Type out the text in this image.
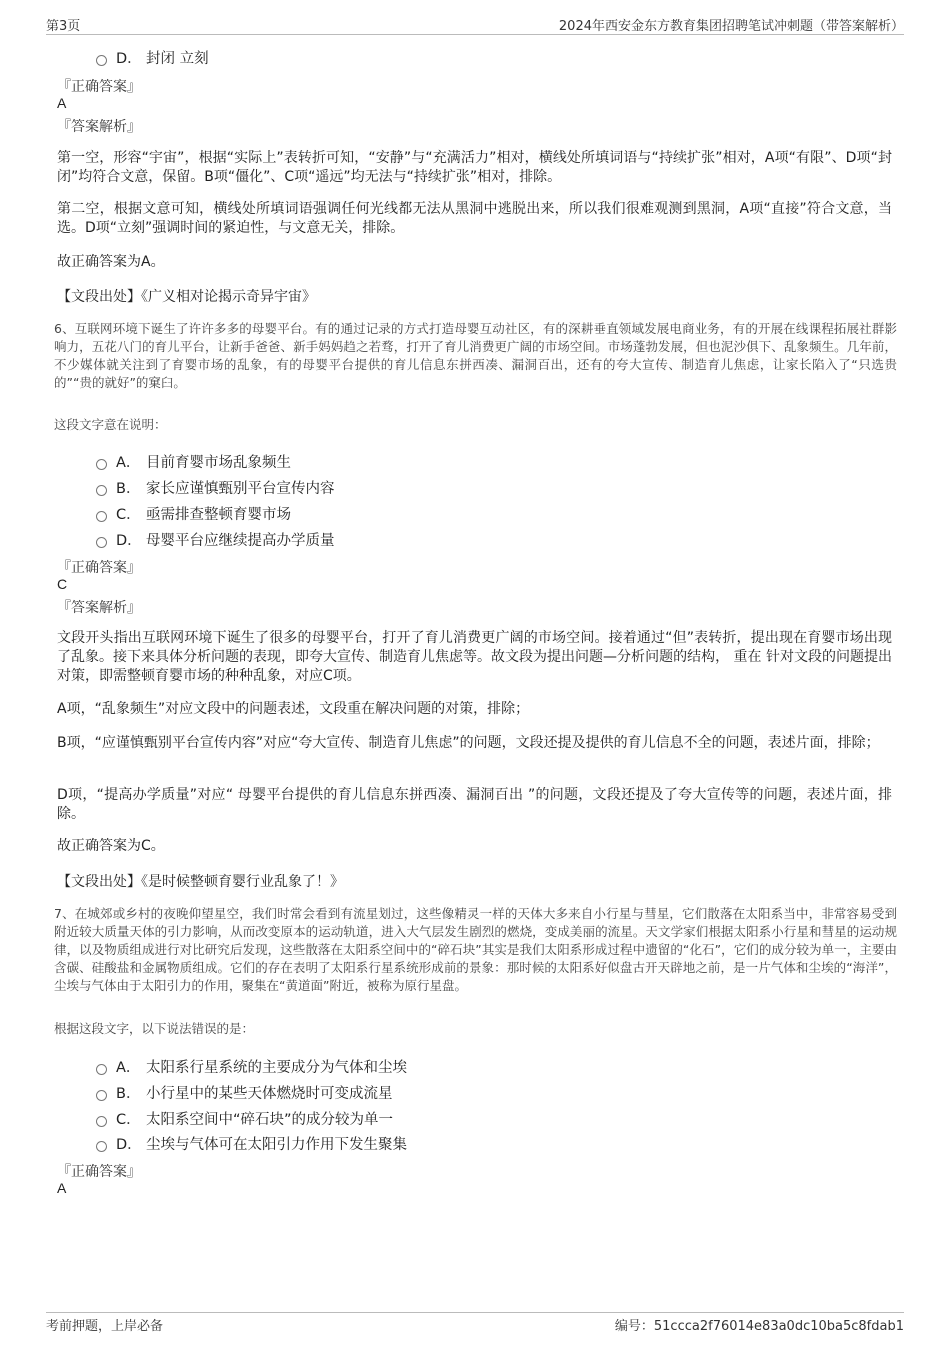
第3页	2024年西安金东方教育集团招聘笔试冲刺题（带答案解析）
D． 封闭 立刻
『正确答案』
A
『答案解析』
第一空，形容“宇宙”，根据“实际上”表转折可知，“安静”与“充满活力”相对，横线处所填词语与“持续扩张”相对，A项“有限”、D项“封闭”均符合文意，保留。B项“僵化”、C项“遥远”均无法与“持续扩张”相对，排除。
第二空，根据文意可知，横线处所填词语强调任何光线都无法从黑洞中逃脱出来，所以我们很难观测到黑洞，A项“直接”符合文意，当选。D项“立刻”强调时间的紧迫性，与文意无关，排除。
故正确答案为A。
【文段出处】《广义相对论揭示奇异宇宙》
6、互联网环境下诞生了许许多多的母婴平台。有的通过记录的方式打造母婴互动社区，有的深耕垂直领域发展电商业务，有的开展在线课程拓展社群影响力，五花八门的育儿平台，让新手爸爸、新手妈妈趋之若骛，打开了育儿消费更广阔的市场空间。市场蓬勃发展，但也泥沙俱下、乱象频生。几年前，不少媒体就关注到了育婴市场的乱象，有的母婴平台提供的育儿信息东拼西凑、漏洞百出，还有的夸大宣传、制造育儿焦虑，让家长陷入了“只选贵的”“贵的就好”的窠臼。
这段文字意在说明：
A． 目前育婴市场乱象频生
B． 家长应谨慎甄别平台宣传内容
C． 亟需排查整顿育婴市场
D． 母婴平台应继续提高办学质量
『正确答案』
C
『答案解析』
文段开头指出互联网环境下诞生了很多的母婴平台，打开了育儿消费更广阔的市场空间。接着通过“但”表转折，提出现在育婴市场出现了乱象。接下来具体分析问题的表现，即夸大宣传、制造育儿焦虑等。故文段为提出问题—分析问题的结构， 重在 针对文段的问题提出对策，即需整顿育婴市场的种种乱象，对应C项。
A项，“乱象频生”对应文段中的问题表述，文段重在解决问题的对策，排除；
B项，“应谨慎甄别平台宣传内容”对应“夸大宣传、制造育儿焦虑”的问题，文段还提及提供的育儿信息不全的问题，表述片面，排除；
D项，“提高办学质量”对应“ 母婴平台提供的育儿信息东拼西凑、漏洞百出 ”的问题，文段还提及了夸大宣传等的问题，表述片面，排除。
故正确答案为C。
【文段出处】《是时候整顿育婴行业乱象了！》
7、在城郊或乡村的夜晚仰望星空，我们时常会看到有流星划过，这些像精灵一样的天体大多来自小行星与彗星，它们散落在太阳系当中，非常容易受到附近较大质量天体的引力影响，从而改变原本的运动轨道，进入大气层发生剧烈的燃烧，变成美丽的流星。天文学家们根据太阳系小行星和彗星的运动规律，以及物质组成进行对比研究后发现，这些散落在太阳系空间中的“碎石块”其实是我们太阳系形成过程中遗留的“化石”，它们的成分较为单一，主要由含碳、硅酸盐和金属物质组成。它们的存在表明了太阳系行星系统形成前的景象：那时候的太阳系好似盘古开天辟地之前，是一片气体和尘埃的“海洋”，尘埃与气体由于太阳引力的作用，聚集在“黄道面”附近，被称为原行星盘。
根据这段文字，以下说法错误的是：
A． 太阳系行星系统的主要成分为气体和尘埃
B． 小行星中的某些天体燃烧时可变成流星
C． 太阳系空间中“碎石块”的成分较为单一
D． 尘埃与气体可在太阳引力作用下发生聚集
『正确答案』
A
考前押题，上岸必备	编号：51ccca2f76014e83a0dc10ba5c8fdab1
